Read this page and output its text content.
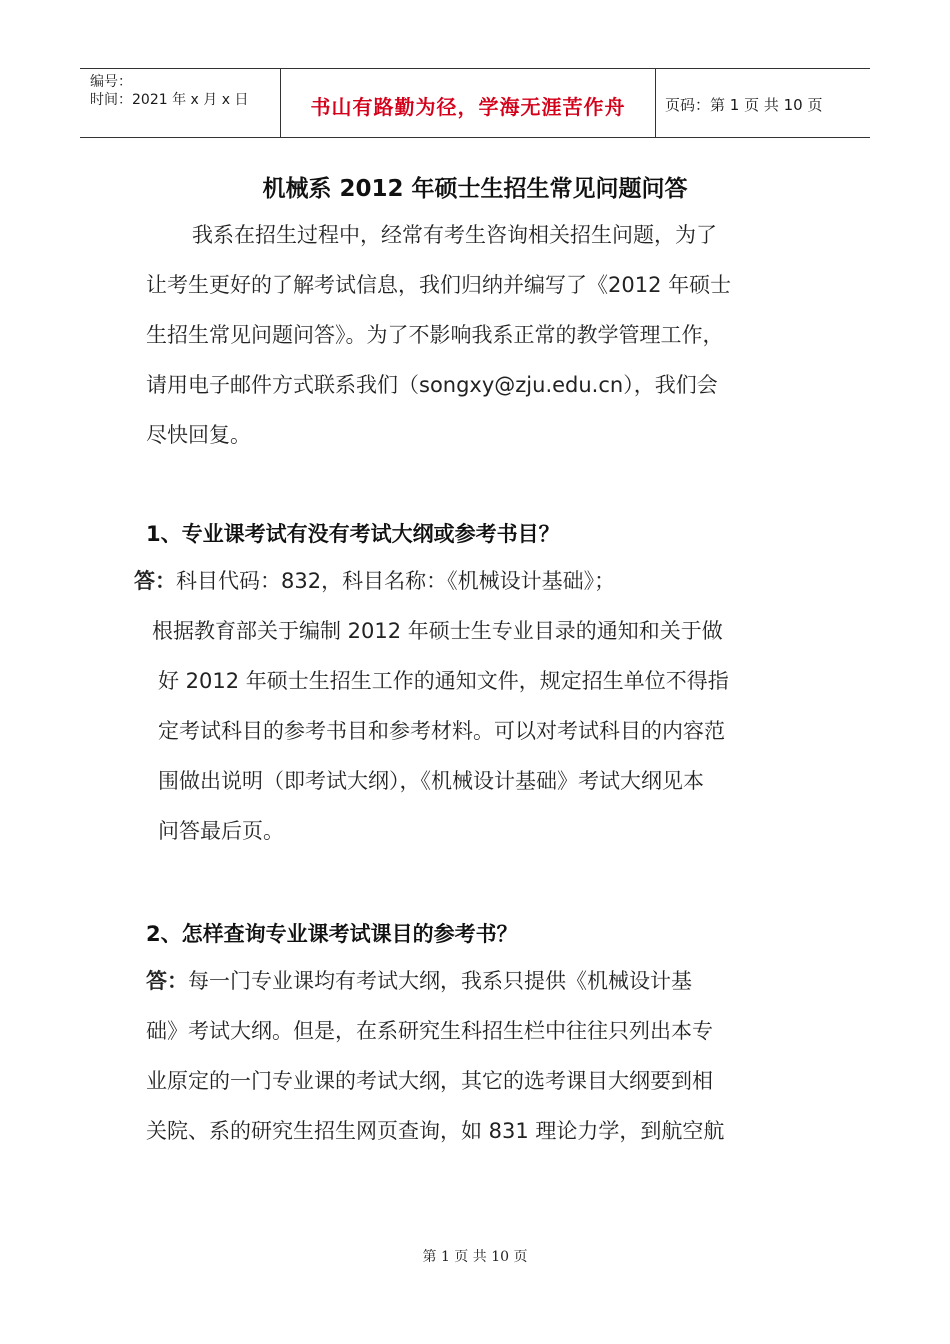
编号：
时间：2021 年 x 月 x 日	书山有路勤为径，学海无涯苦作舟	页码：第 1 页 共 10 页
机械系 2012 年硕士生招生常见问题问答
我系在招生过程中，经常有考生咨询相关招生问题，为了
让考生更好的了解考试信息，我们归纳并编写了《2012 年硕士
生招生常见问题问答》。为了不影响我系正常的教学管理工作，
请用电子邮件方式联系我们（songxy@zju.edu.cn），我们会
尽快回复。
1、专业课考试有没有考试大纲或参考书目？
答：科目代码：832，科目名称：《机械设计基础》；
根据教育部关于编制 2012 年硕士生专业目录的通知和关于做
好 2012 年硕士生招生工作的通知文件，规定招生单位不得指
定考试科目的参考书目和参考材料。可以对考试科目的内容范
围做出说明（即考试大纲），《机械设计基础》考试大纲见本
问答最后页。
2、怎样查询专业课考试课目的参考书？
答：每一门专业课均有考试大纲，我系只提供《机械设计基
础》考试大纲。但是，在系研究生科招生栏中往往只列出本专
业原定的一门专业课的考试大纲，其它的选考课目大纲要到相
关院、系的研究生招生网页查询，如 831 理论力学，到航空航
第 1 页 共 10 页
